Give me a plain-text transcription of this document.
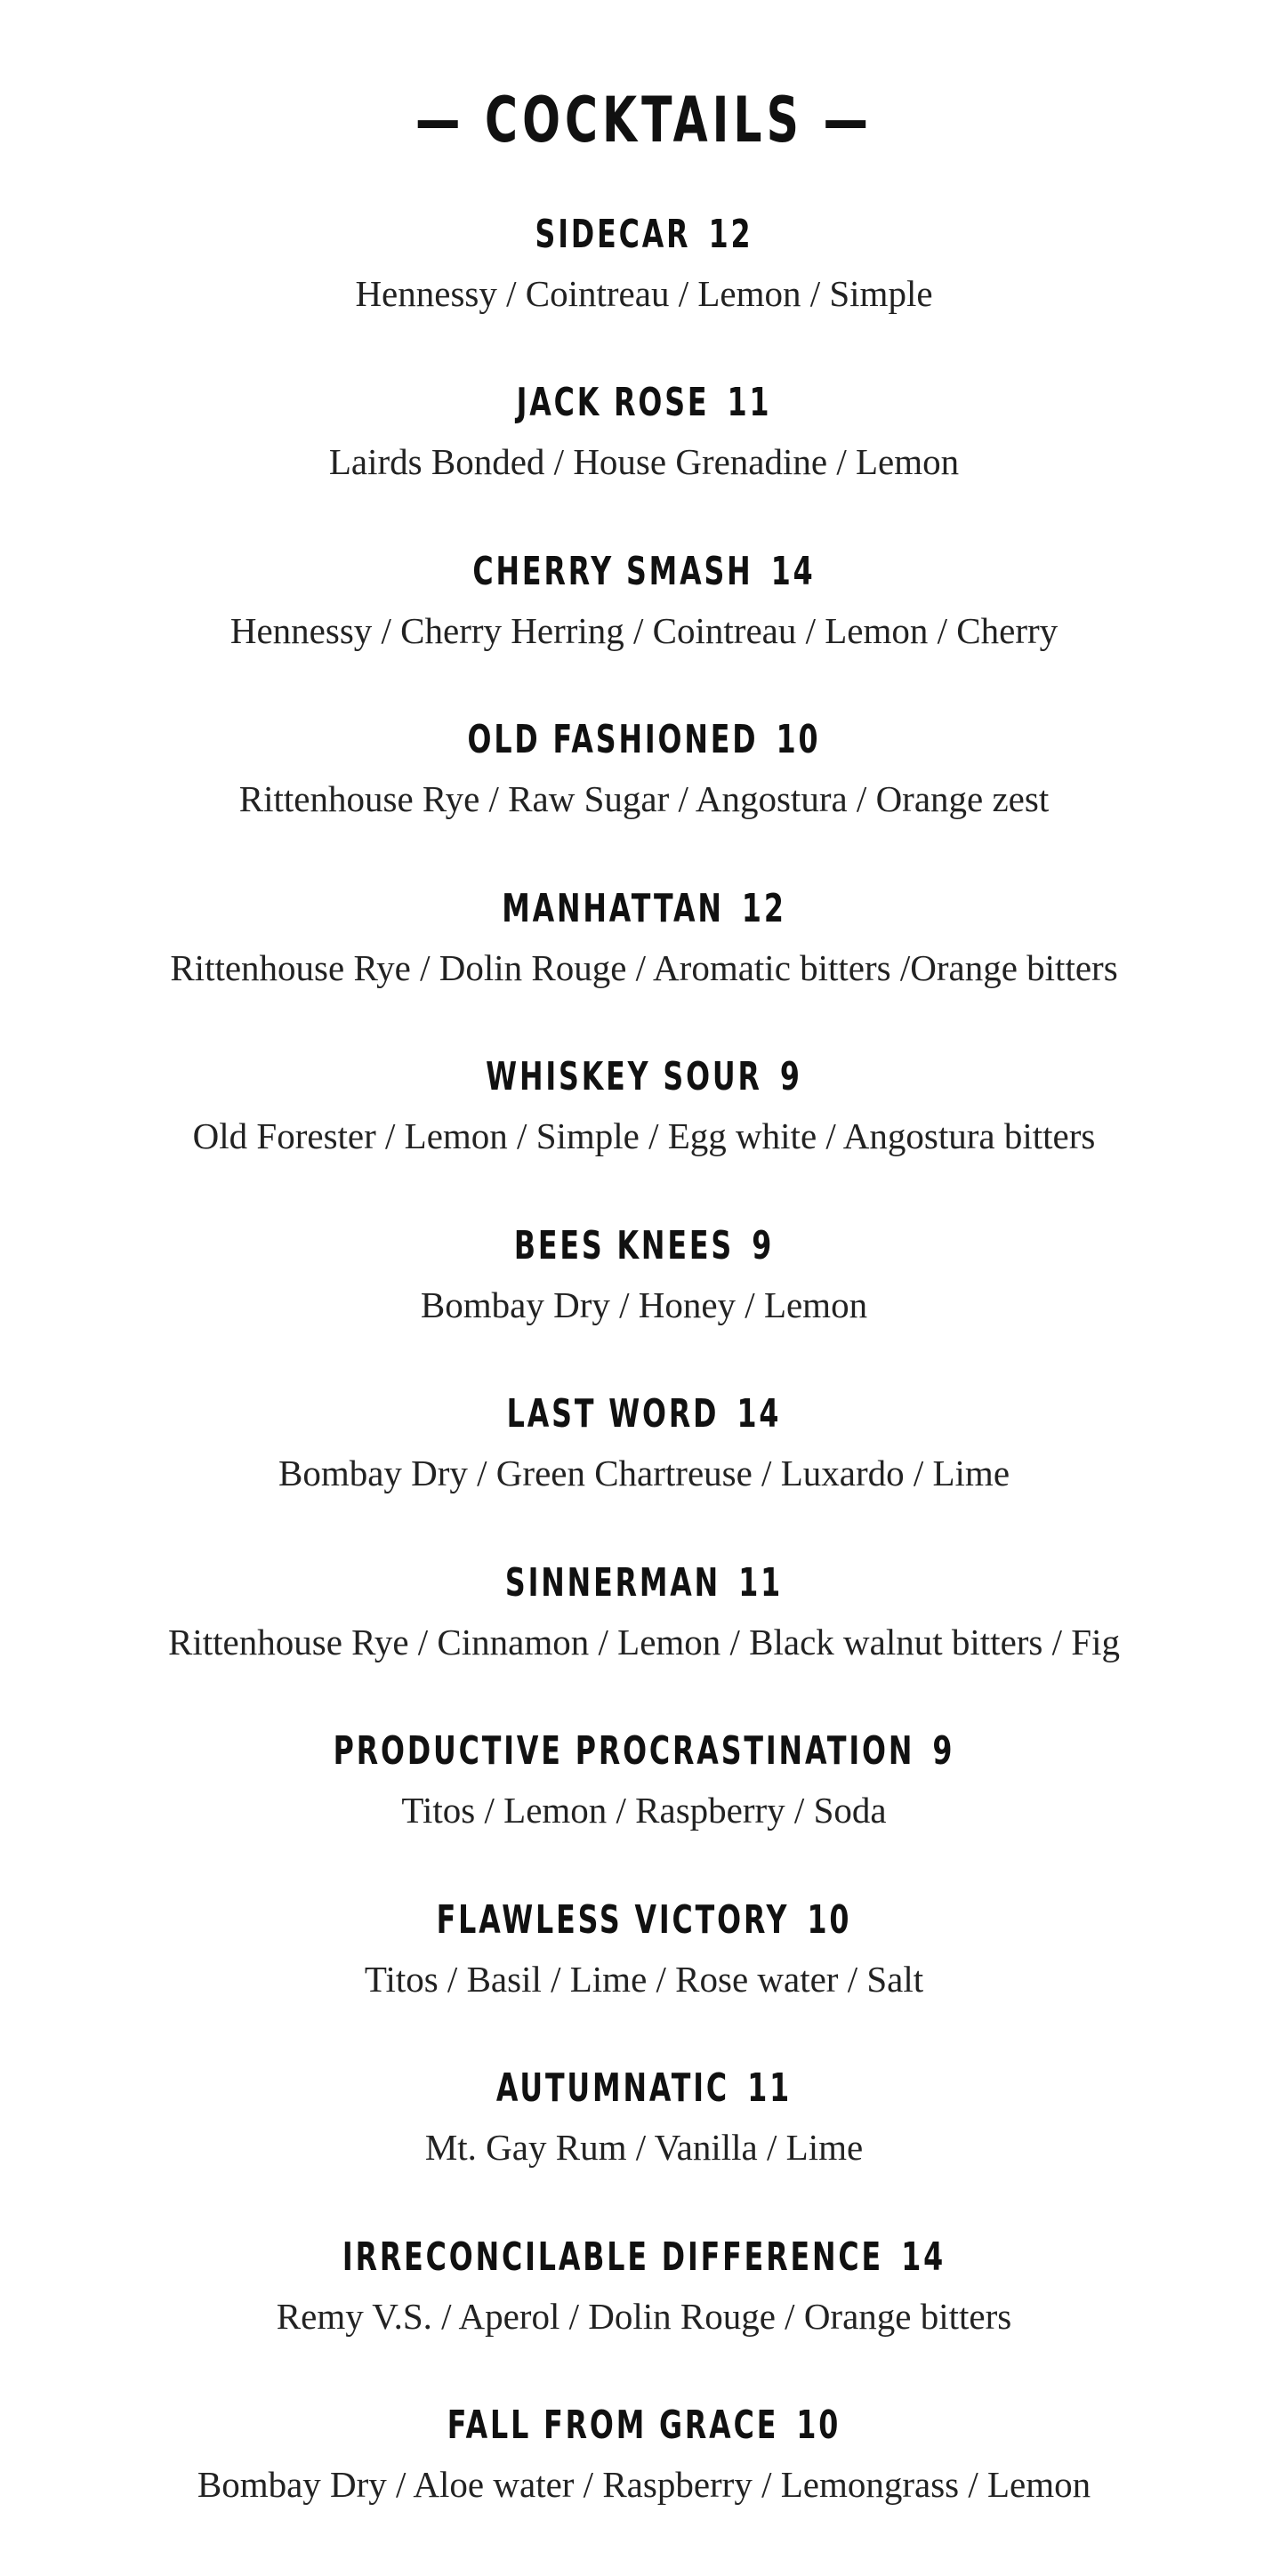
— COCKTAILS —
SIDECAR 12
Hennessy / Cointreau / Lemon / Simple
JACK ROSE 11
Lairds Bonded / House Grenadine / Lemon
CHERRY SMASH 14
Hennessy / Cherry Herring / Cointreau / Lemon / Cherry
OLD FASHIONED 10
Rittenhouse Rye / Raw Sugar / Angostura / Orange zest
MANHATTAN 12
Rittenhouse Rye / Dolin Rouge / Aromatic bitters /Orange bitters
WHISKEY SOUR 9
Old Forester / Lemon / Simple / Egg white / Angostura bitters
BEES KNEES 9
Bombay Dry / Honey / Lemon
LAST WORD 14
Bombay Dry / Green Chartreuse / Luxardo / Lime
SINNERMAN 11
Rittenhouse Rye / Cinnamon / Lemon / Black walnut bitters / Fig
PRODUCTIVE PROCRASTINATION 9
Titos / Lemon / Raspberry / Soda
FLAWLESS VICTORY 10
Titos / Basil / Lime / Rose water / Salt
AUTUMNATIC 11
Mt. Gay Rum / Vanilla / Lime
IRRECONCILABLE DIFFERENCE 14
Remy V.S. / Aperol / Dolin Rouge / Orange bitters
FALL FROM GRACE 10
Bombay Dry / Aloe water / Raspberry / Lemongrass / Lemon
